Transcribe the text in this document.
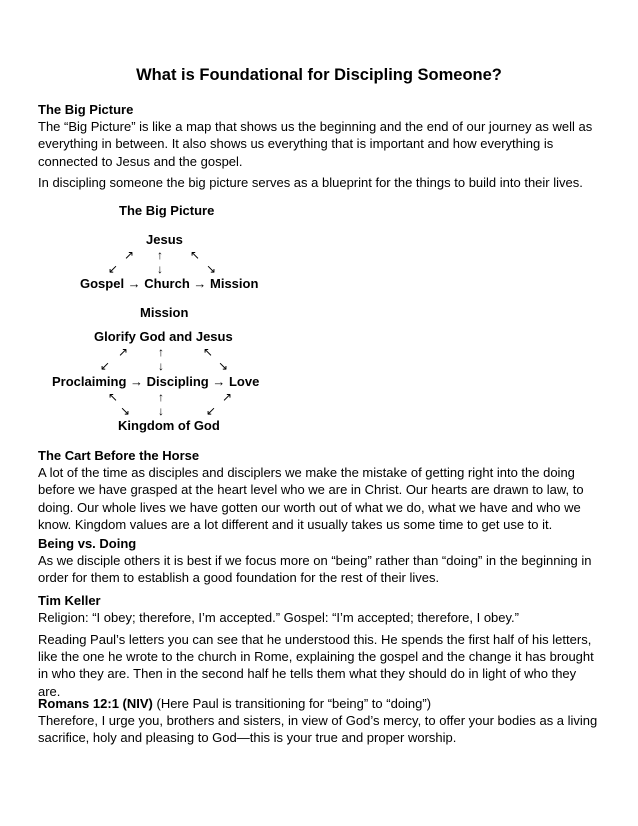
What is Foundational for Discipling Someone?
The Big Picture
The “Big Picture” is like a map that shows us the beginning and the end of our journey as well as everything in between. It also shows us everything that is important and how everything is connected to Jesus and the gospel.
In discipling someone the big picture serves as a blueprint for the things to build into their lives.
The Big Picture
Jesus
↗ ↑ ↖
↙	↓	↘
Gospel → Church → Mission
Mission
Glorify God and Jesus
↗ ↑	↖
↙	↓	↘
Proclaiming → Discipling → Love
↖	↑	↗
↘ ↓	↙
Kingdom of God
The Cart Before the Horse
A lot of the time as disciples and disciplers we make the mistake of getting right into the doing before we have grasped at the heart level who we are in Christ. Our hearts are drawn to law, to doing. Our whole lives we have gotten our worth out of what we do, what we have and who we know. Kingdom values are a lot different and it usually takes us some time to get use to it.
Being vs. Doing
As we disciple others it is best if we focus more on “being” rather than “doing” in the beginning in order for them to establish a good foundation for the rest of their lives.
Tim Keller
Religion: “I obey; therefore, I’m accepted.” Gospel: “I’m accepted; therefore, I obey.”
Reading Paul’s letters you can see that he understood this. He spends the first half of his letters, like the one he wrote to the church in Rome, explaining the gospel and the change it has brought in who they are. Then in the second half he tells them what they should do in light of who they are.
Romans 12:1 (NIV) (Here Paul is transitioning for “being” to “doing”)
Therefore, I urge you, brothers and sisters, in view of God’s mercy, to offer your bodies as a living sacrifice, holy and pleasing to God—this is your true and proper worship.
